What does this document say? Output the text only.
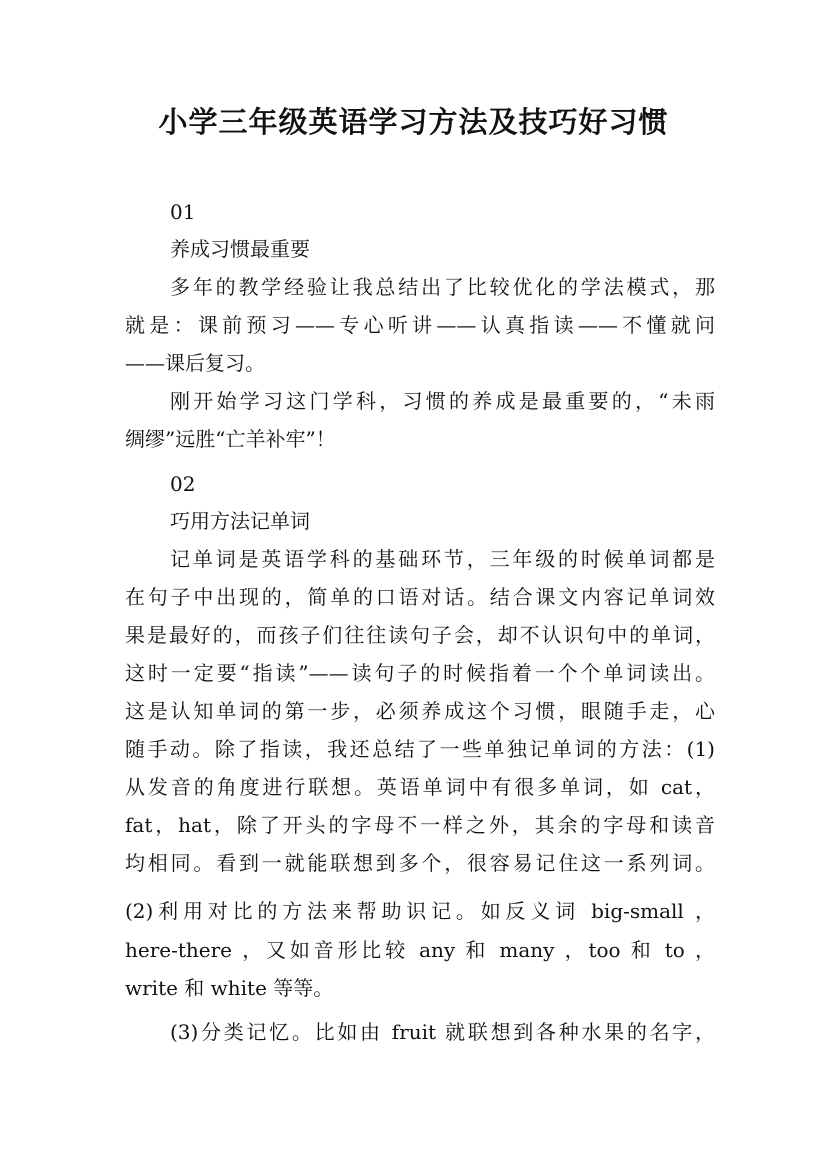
小学三年级英语学习方法及技巧好习惯

01

养成习惯最重要

多年的教学经验让我总结出了比较优化的学法模式，那

就是：课前预习——专心听讲——认真指读——不懂就问

——课后复习。

刚开始学习这门学科，习惯的养成是最重要的，“未雨

绸缪”远胜“亡羊补牢”！

02

巧用方法记单词

记单词是英语学科的基础环节，三年级的时候单词都是

在句子中出现的，简单的口语对话。结合课文内容记单词效

果是最好的，而孩子们往往读句子会，却不认识句中的单词，

这时一定要“指读”——读句子的时候指着一个个单词读出。

这是认知单词的第一步，必须养成这个习惯，眼随手走，心

随手动。除了指读，我还总结了一些单独记单词的方法：(1)

从发音的角度进行联想。英语单词中有很多单词，如 cat，

fat，hat，除了开头的字母不一样之外，其余的字母和读音

均相同。看到一就能联想到多个，很容易记住这一系列词。

(2)利用对比的方法来帮助识记。如反义词 big-small ，

here-there ，又如音形比较 any 和 many ，too 和 to ，

write 和 white 等等。

(3)分类记忆。比如由 fruit 就联想到各种水果的名字，
